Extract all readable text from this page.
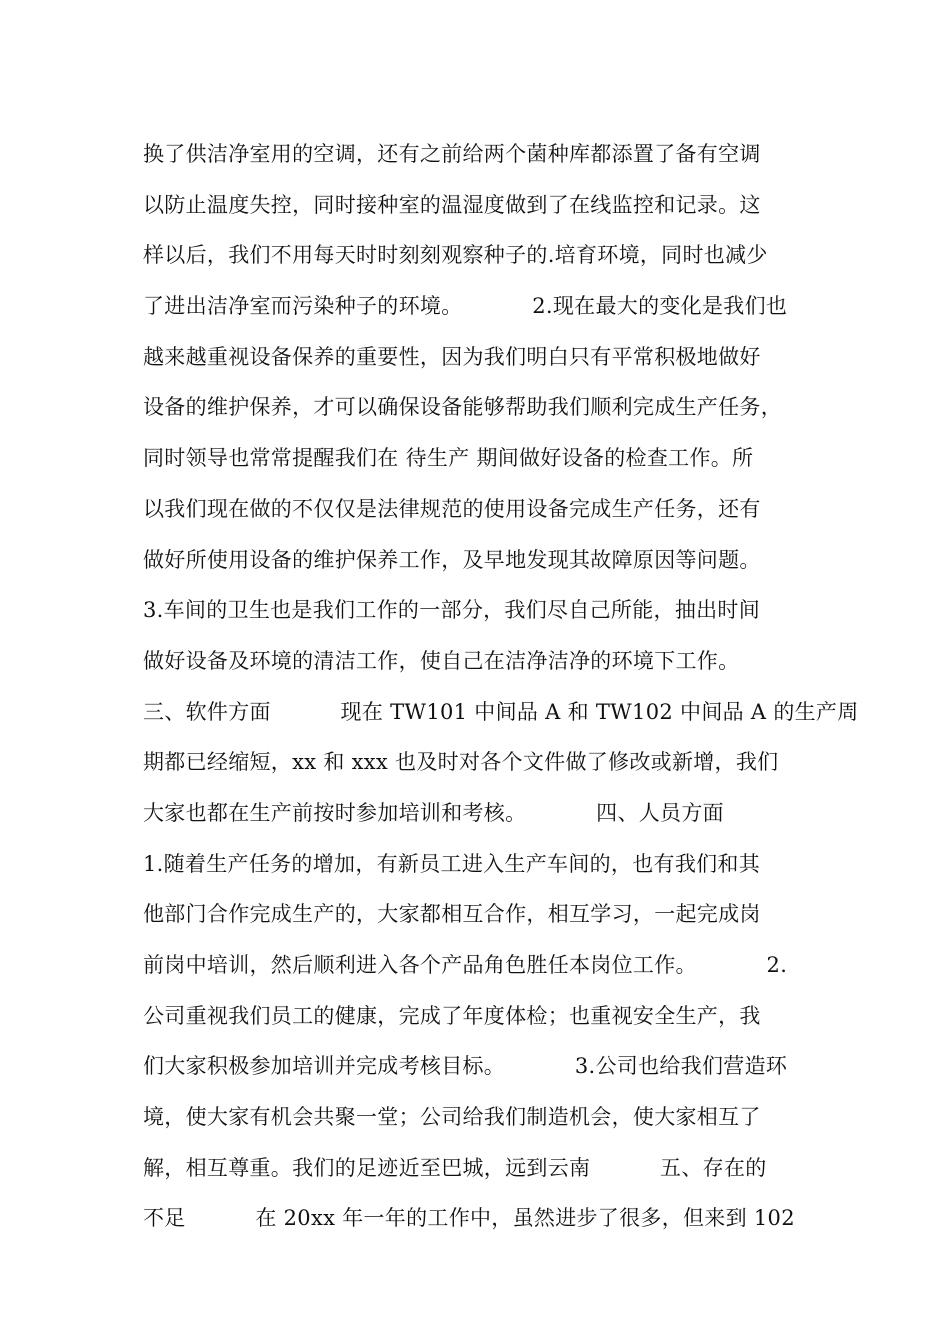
换了供洁净室用的空调，还有之前给两个菌种库都添置了备有空调
以防止温度失控，同时接种室的温湿度做到了在线监控和记录。这
样以后，我们不用每天时时刻刻观察种子的.培育环境，同时也减少
了进出洁净室而污染种子的环境。          2.现在最大的变化是我们也
越来越重视设备保养的重要性，因为我们明白只有平常积极地做好
设备的维护保养，才可以确保设备能够帮助我们顺利完成生产任务，
同时领导也常常提醒我们在 待生产 期间做好设备的检查工作。所
以我们现在做的不仅仅是法律规范的使用设备完成生产任务，还有
做好所使用设备的维护保养工作，及早地发现其故障原因等问题。
3.车间的卫生也是我们工作的一部分，我们尽自己所能，抽出时间
做好设备及环境的清洁工作，使自己在洁净洁净的环境下工作。
三、软件方面          现在 TW101 中间品 A 和 TW102 中间品 A 的生产周
期都已经缩短，xx 和 xxx 也及时对各个文件做了修改或新增，我们
大家也都在生产前按时参加培训和考核。          四、人员方面
1.随着生产任务的增加，有新员工进入生产车间的，也有我们和其
他部门合作完成生产的，大家都相互合作，相互学习，一起完成岗
前岗中培训，然后顺利进入各个产品角色胜任本岗位工作。          2.
公司重视我们员工的健康，完成了年度体检；也重视安全生产，我
们大家积极参加培训并完成考核目标。          3.公司也给我们营造环
境，使大家有机会共聚一堂；公司给我们制造机会，使大家相互了
解，相互尊重。我们的足迹近至巴城，远到云南          五、存在的
不足          在 20xx 年一年的工作中，虽然进步了很多，但来到 102
